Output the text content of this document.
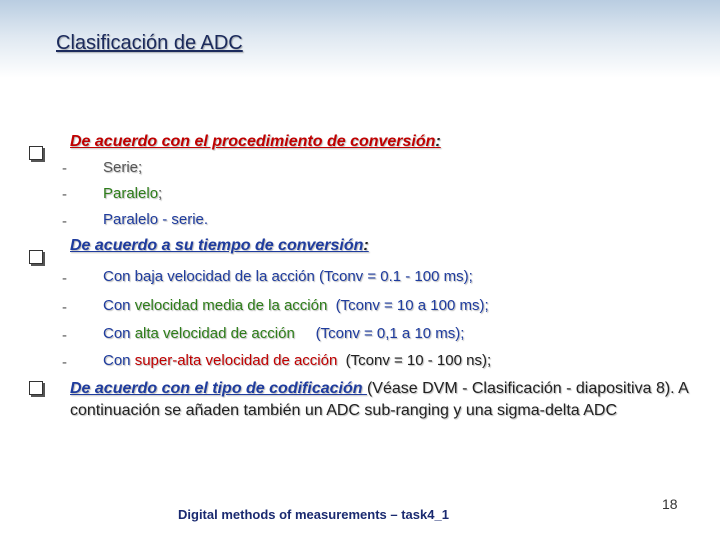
Clasificación de ADC
De acuerdo con el procedimiento de conversión:
- Serie;
- Paralelo;
- Paralelo - serie.
De acuerdo a su tiempo de conversión:
- Con baja velocidad de la acción (Tconv = 0.1 - 100 ms);
- Con velocidad media de la acción  (Tconv = 10 a 100 ms);
- Con alta velocidad de acción     (Tconv = 0,1 a 10 ms);
- Con super-alta velocidad de acción  (Tconv = 10 - 100 ns);
De acuerdo con el tipo de codificación (Véase DVM - Clasificación - diapositiva 8). A continuación se añaden también un ADC sub-ranging y una sigma-delta ADC
Digital methods of measurements – task4_1
18
